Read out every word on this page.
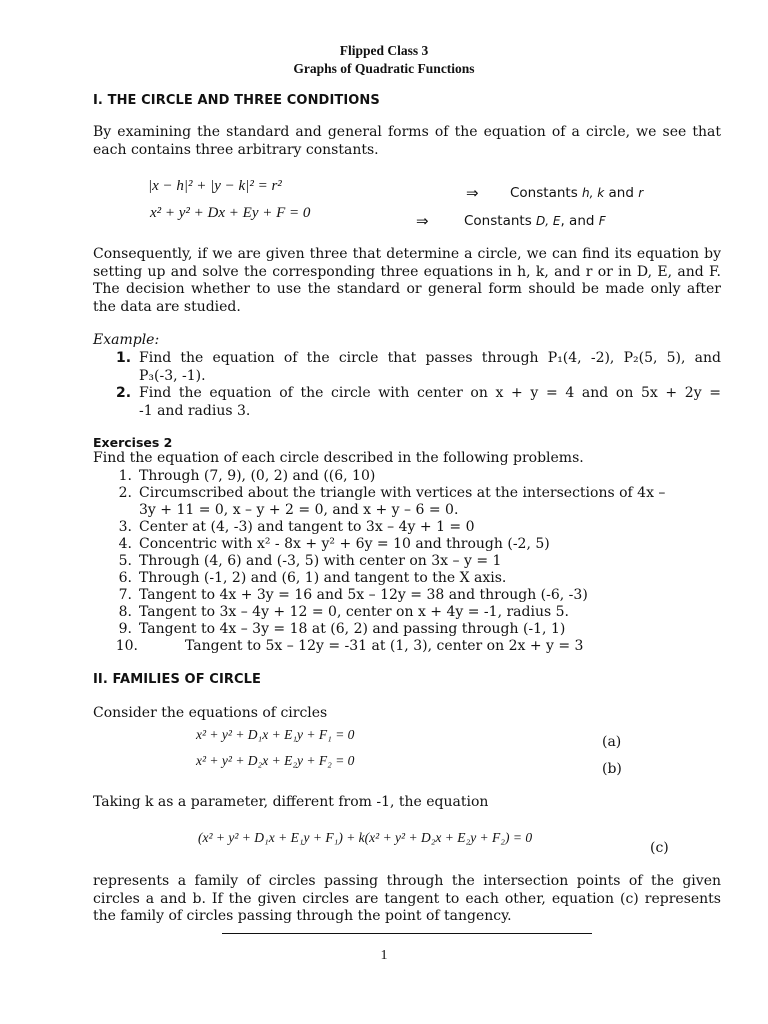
Flipped Class 3
Graphs of Quadratic Functions
I. THE CIRCLE AND THREE CONDITIONS

By examining the standard and general forms of the equation of a circle, we see that each contains three arbitrary constants.

|x − h|² + |y − k|² = r²
x² + y² + Dx + Ey + F = 0
⇒ Constants h, k and r
⇒	Constants D, E, and F

Consequently, if we are given three that determine a circle, we can find its equation by setting up and solve the corresponding three equations in h, k, and r or in D, E, and F. The decision whether to use the standard or general form should be made only after the data are studied.

Example:
1. Find the equation of the circle that passes through P₁(4, -2), P₂(5, 5), and
P₃(-3, -1).
2. Find the equation of the circle with center on x + y = 4 and on 5x + 2y =
-1 and radius 3.
Exercises 2
Find the equation of each circle described in the following problems.
1. Through (7, 9), (0, 2) and ((6, 10)
2. Circumscribed about the triangle with vertices at the intersections of 4x –
3y + 11 = 0, x – y + 2 = 0, and x + y – 6 = 0.
3. Center at (4, -3) and tangent to 3x – 4y + 1 = 0
4. Concentric with x² - 8x + y² + 6y = 10 and through (-2, 5)
5. Through (4, 6) and (-3, 5) with center on 3x – y = 1
6. Through (-1, 2) and (6, 1) and tangent to the X axis.
7. Tangent to 4x + 3y = 16 and 5x – 12y = 38 and through (-6, -3)
8. Tangent to 3x – 4y + 12 = 0, center on x + 4y = -1, radius 5.
9. Tangent to 4x – 3y = 18 at (6, 2) and passing through (-1, 1)
10.	Tangent to 5x – 12y = -31 at (1, 3), center on 2x + y = 3
II. FAMILIES OF CIRCLE
Consider the equations of circles
x² + y² + D₁x + E₁y + F₁ = 0	(a)
x² + y² + D₂x + E₂y + F₂ = 0
(b)
Taking k as a parameter, different from -1, the equation
(x² + y² + D₁x + E₁y + F₁) + k(x² + y² + D₂x + E₂y + F₂) = 0
(c)

represents a family of circles passing through the intersection points of the given circles a and b. If the given circles are tangent to each other, equation (c) represents the family of circles passing through the point of tangency.

1
